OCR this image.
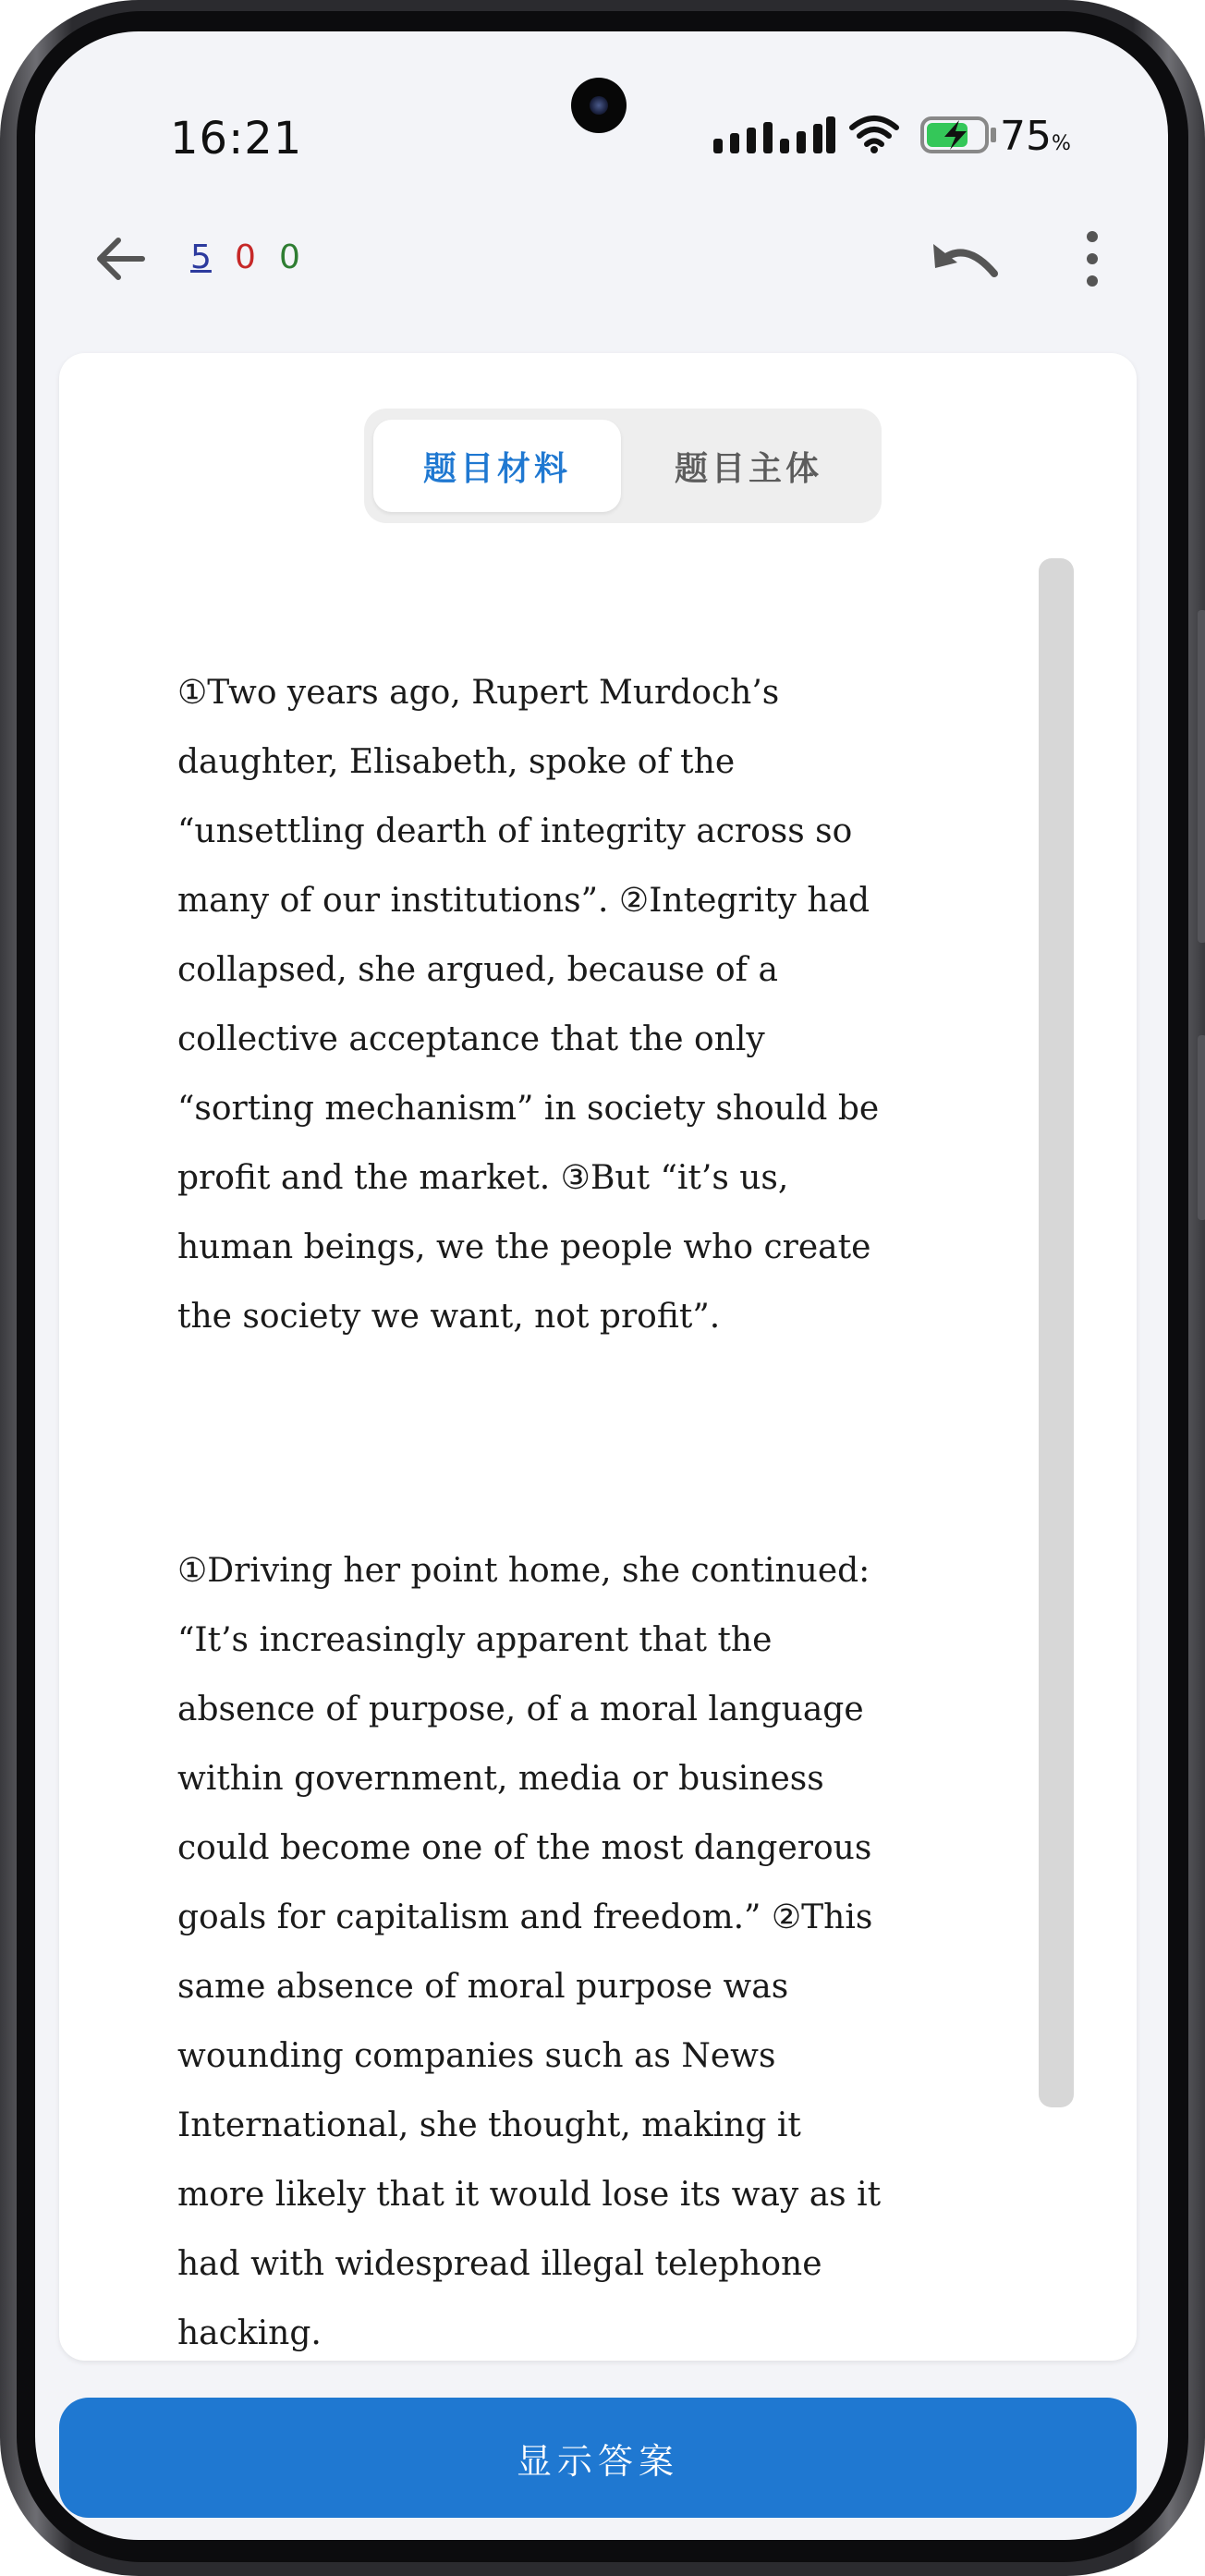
16:21	75%
5 0 0
题目材料	题目主体

①Two years ago, Rupert Murdoch’s daughter, Elisabeth, spoke of the “unsettling dearth of integrity across so many of our institutions”. ②Integrity had collapsed, she argued, because of a collective acceptance that the only “sorting mechanism” in society should be profit and the market. ③But “it’s us, human beings, we the people who create the society we want, not profit”.

①Driving her point home, she continued: “It’s increasingly apparent that the absence of purpose, of a moral language within government, media or business could become one of the most dangerous goals for capitalism and freedom.” ②This same absence of moral purpose was wounding companies such as News International, she thought, making it more likely that it would lose its way as it had with widespread illegal telephone hacking.

显示答案
